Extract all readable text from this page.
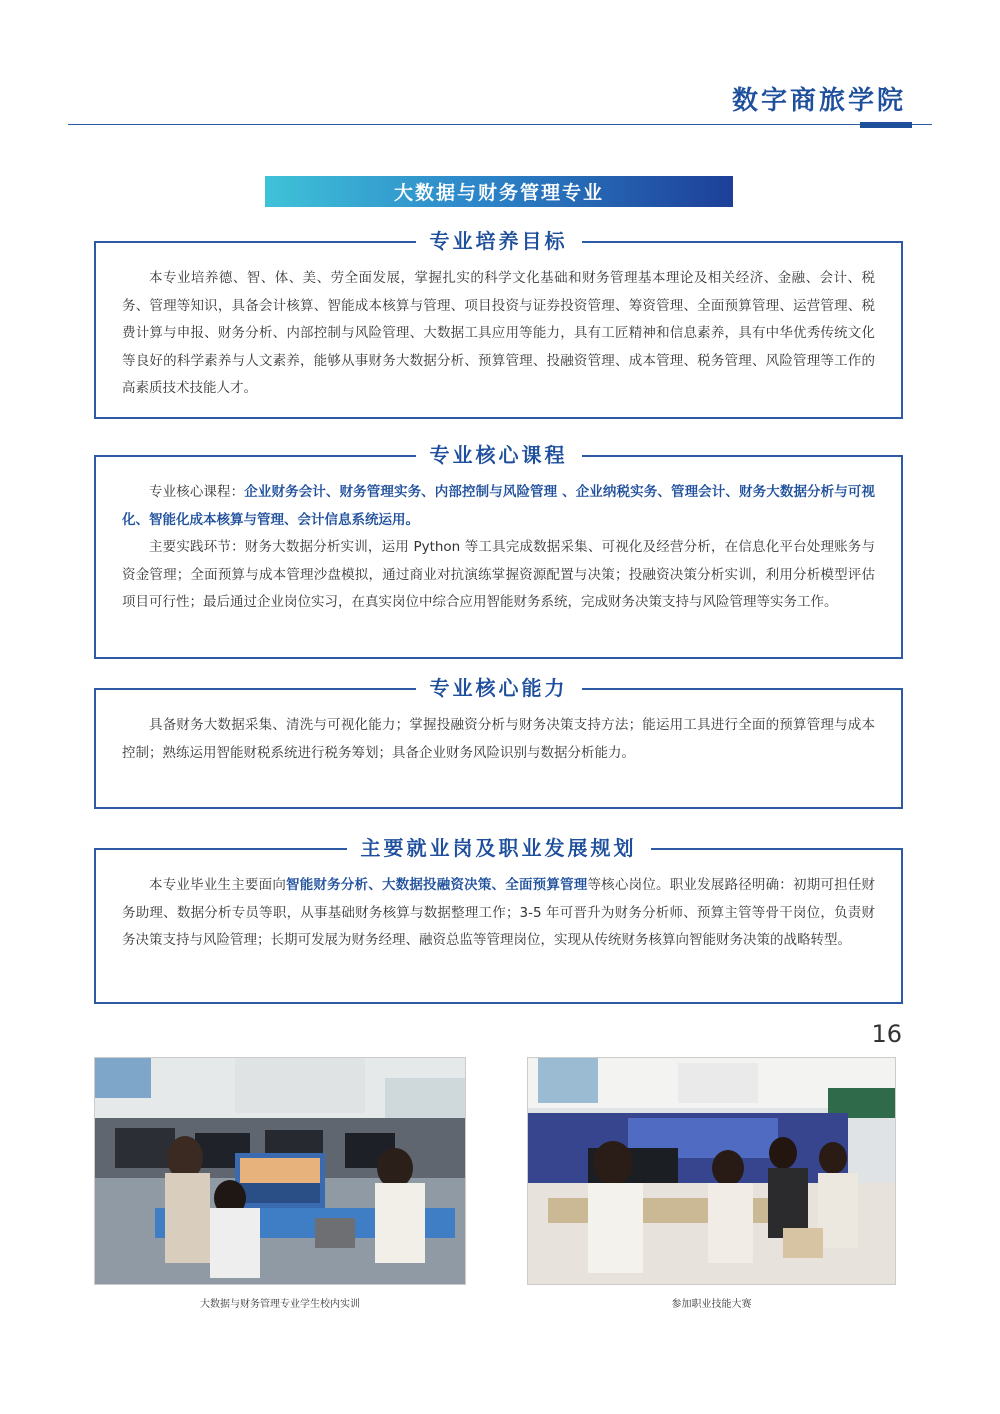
数字商旅学院
大数据与财务管理专业
专业培养目标

本专业培养德、智、体、美、劳全面发展，掌握扎实的科学文化基础和财务管理基本理论及相关经济、金融、会计、税务、管理等知识，具备会计核算、智能成本核算与管理、项目投资与证券投资管理、筹资管理、全面预算管理、运营管理、税费计算与申报、财务分析、内部控制与风险管理、大数据工具应用等能力，具有工匠精神和信息素养，具有中华优秀传统文化等良好的科学素养与人文素养，能够从事财务大数据分析、预算管理、投融资管理、成本管理、税务管理、风险管理等工作的高素质技术技能人才。

专业核心课程

专业核心课程：企业财务会计、财务管理实务、内部控制与风险管理 、企业纳税实务、管理会计、财务大数据分析与可视化、智能化成本核算与管理、会计信息系统运用。

主要实践环节：财务大数据分析实训，运用 Python 等工具完成数据采集、可视化及经营分析，在信息化平台处理账务与资金管理；全面预算与成本管理沙盘模拟，通过商业对抗演练掌握资源配置与决策；投融资决策分析实训，利用分析模型评估项目可行性；最后通过企业岗位实习，在真实岗位中综合应用智能财务系统，完成财务决策支持与风险管理等实务工作。

专业核心能力

具备财务大数据采集、清洗与可视化能力；掌握投融资分析与财务决策支持方法；能运用工具进行全面的预算管理与成本控制；熟练运用智能财税系统进行税务筹划；具备企业财务风险识别与数据分析能力。

主要就业岗及职业发展规划

本专业毕业生主要面向智能财务分析、大数据投融资决策、全面预算管理等核心岗位。职业发展路径明确：初期可担任财务助理、数据分析专员等职，从事基础财务核算与数据整理工作；3-5 年可晋升为财务分析师、预算主管等骨干岗位，负责财务决策支持与风险管理；长期可发展为财务经理、融资总监等管理岗位，实现从传统财务核算向智能财务决策的战略转型。

大数据与财务管理专业学生校内实训	参加职业技能大赛
16
